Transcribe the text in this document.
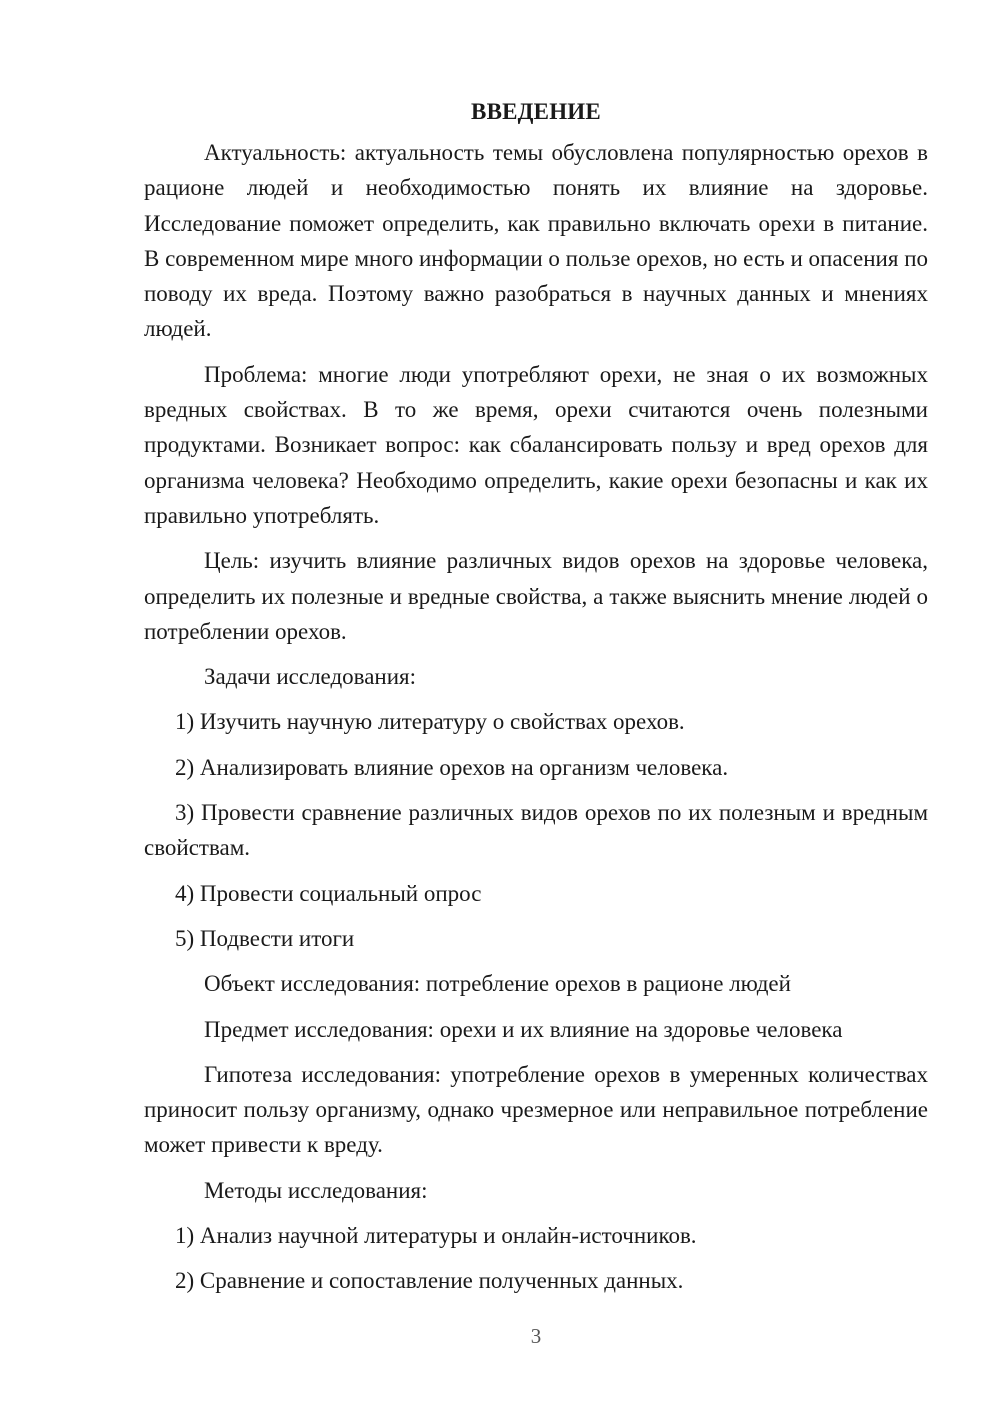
ВВЕДЕНИЕ

Актуальность: актуальность темы обусловлена популярностью орехов в рационе людей и необходимостью понять их влияние на здоровье. Исследование поможет определить, как правильно включать орехи в питание. В современном мире много информации о пользе орехов, но есть и опасения по поводу их вреда. Поэтому важно разобраться в научных данных и мнениях людей.

Проблема: многие люди употребляют орехи, не зная о их возможных вредных свойствах. В то же время, орехи считаются очень полезными продуктами. Возникает вопрос: как сбалансировать пользу и вред орехов для организма человека? Необходимо определить, какие орехи безопасны и как их правильно употреблять.

Цель: изучить влияние различных видов орехов на здоровье человека, определить их полезные и вредные свойства, а также выяснить мнение людей о потреблении орехов.

Задачи исследования:

1) Изучить научную литературу о свойствах орехов.

2) Анализировать влияние орехов на организм человека.

3) Провести сравнение различных видов орехов по их полезным и вредным свойствам.

4) Провести социальный опрос

5) Подвести итоги

Объект исследования: потребление орехов в рационе людей

Предмет исследования: орехи и их влияние на здоровье человека

Гипотеза исследования: употребление орехов в умеренных количествах приносит пользу организму, однако чрезмерное или неправильное потребление может привести к вреду.

Методы исследования:

1) Анализ научной литературы и онлайн-источников.

2) Сравнение и сопоставление полученных данных.

3
